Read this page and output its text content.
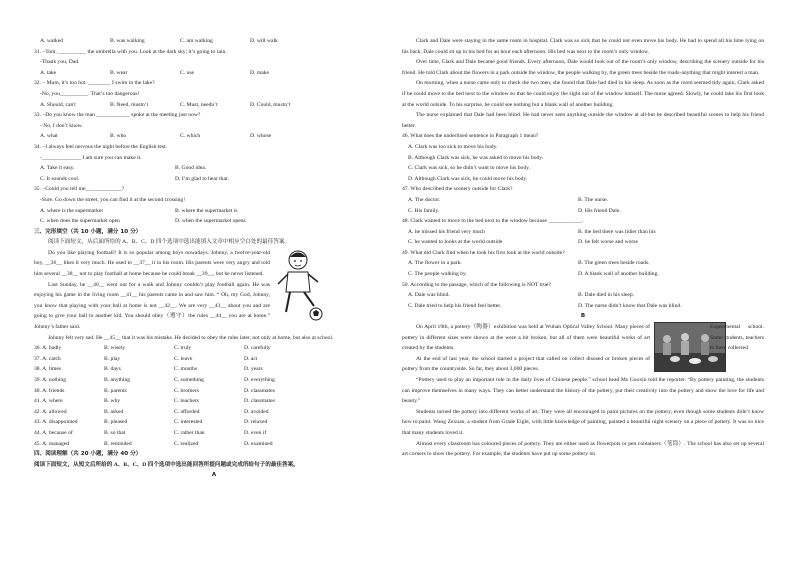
A. walked	B. was walking	C. am walking	D. will walk
31. –Tom, __________ the umbrella with you. Look at the dark sky; it’s going to rain.
-Thank you, Dad.
A. take	B. wear	C. use	D. make
32. – Mum, it’s too hot. ________ I swim in the lake?
-No, you__________. That’s too dangerous!
A. Should, can't	B. Need, mustn’t	C. Must, needn’t	D. Could, mustn’t
33. –Do you know the man ____________ spoke at the meeting just now?
- No, I don’t know.
A. what	B. who	C. which	D. whose
34. –I always feel nervous the night before the English test.
-______________ I am sure you can make it.
A. Take it easy.	B. Good idea.
C. It sounds cool.	D. I’m glad to hear that.
35. –Could you tell me_____________?
-Sure. Go down the street, you can find it at the second crossing!
A. where is the supermarket	B. where the supermarket is
C. when does the supermarket open	D. when the supermarket opens
三、完形填空（共 10 小题，满分 10 分）
阅读下面短文，从后面所给的 A、B、C、D 四个选项中选出能填入文章中相应空白处的最佳答案。
Do you like playing football? It is so popular among boys nowadays. Johnny, a twelve-year-old boy, __36__ likes it very much. He used to __37__ it in his room. His parents were very angry and told him several __38__ not to play football at home because he could break __39__, but he never listened.
Last Sunday, he __40__ went out for a walk and Johnny couldn’t play football again. He was enjoying his game in the living room __41__ his parents came in and saw him. “ Oh, my God, Johnny, you know that playing with your ball at home is not __42__. We are very __43__ about you and are going to give your ball to another kid. You should obey（遵守）the rules __44__ you are at home.” Johnny’s father said.
Johnny felt very sad. He __45__ that it was his mistake. He decided to obey the rules later, not only at home, but also at school.
36. A. badly	B. wisely	C. truly	D. carefully
37. A. catch	B. play	C. leave	D. act
38. A. times	B. days	C. months	D. years
39. A. nothing	B. anything	C. something	D. everything
40. A. friends	B. parents	C. brothers	D. classmates
41. A. where	B. why	C. teachers	D. classmates
42. A. allowed	B. asked	C. afforded	D. avoided
43. A. disappointed	B. pleased	C. interested	D. relaxed
44. A. because of	B. so that	C. rather than	D. even if
45. A. managed	B. reminded	C. realized	D. examined
四、阅读理解（共 20 小题，满分 40 分）
阅读下面短文，从短文后所给的 A、B、C、D 四个选项中选出能回答所提问题或完成所给句子的最佳答案。
A
Clark and Dale were staying in the same room in hospital. Clark was so sick that he could not even move his body. He had to spend all his time lying on his back. Dale could sit up in his bed for an hour each afternoon. His bed was next to the room’s only window.
Over time, Clark and Dale became good friends. Every afternoon, Dale would look out of the room’s only window, describing the scenery outside for his friend. He told Clark about the flowers in a park outside the window, the people walking by, the green trees beside the roads-anything that might interest a man.
On morning, when a nurse came only to check the two men, she found that Dale had died in his sleep. As soon as the room seemed tidy again, Clark asked if he could move to the bed next to the window so that he could enjoy the sight out of the window himself. The nurse agreed. Slowly, he could take his first look at the world outside. To his surprise, he could see nothing but a blank wall of another building.
The nurse explained that Dale had been blind. He had never seen anything outside the window at all-but he described beautiful scenes to help his friend better.
46. What does the underlined sentence in Paragraph 1 mean?
A. Clark was too sick to move his body.
B. Although Clark was sick, he was asked to move his body.
C. Clark was sick, so he didn’t want to move his body.
D. Although Clark was sick, he could move his body.
47. Who described the scenery outside for Clark?
A. The doctor.	B. The nurse.
C. His family.	D. His friend Dale.
48. Clark wanted to move to the bed next to the window because ____________.
A. he missed his friend very much	B. the bed there was tidier than his
C. he wanted to looks at the world outside	D. he felt worse and worse
49. What did Clark find when he took his first look at the world outside?
A. The flower in a park.	B. The green trees beside roads.
C. The people walking by.	D. A blank wall of another building.
50. According to the passage, which of the following is NOT true?
A. Dale was blind.	B. Dale died in his sleep.
C. Dale tried to help his friend feel better.	D. The nurse didn’t know that Dale was blind.
B
Experimental school. Some students, teachers to have collected
On April 19th, a pottery（陶器）exhibition was held at Wuhan Optical Valley School. Many pieces of pottery in different sizes were shown at the were a bit broken, but all of them were beautiful works of art created by the students.
At the end of last year, the school started a project that called on collect disused or broken pieces of pottery from the countryside. So far, they about 3,000 pieces.
“Pottery used to play an important role in the daily lives of Chinese people.” school head Ms Guoxin told the reporter. “By pottery painting, the students can improve themselves in many ways. They can better understand the history of the pottery, put their creativity into the pottery and show the love for life and beauty.”
Students turned the pottery into different works of art. They were all encouraged to paint pictures on the pottery, even though some students didn’t know how to paint. Wang Zexuan, a student from Grade Eight, with little knowledge of painting, painted a beautiful night scenery on a piece of pottery. It was so nice that many students loved it.
Almost every classroom has coloured pieces of pottery. They are either used as flowerpots or pen containers（笔筒）. The school has also set up several art corners to show the pottery. For example, the students have put up some pottery on
